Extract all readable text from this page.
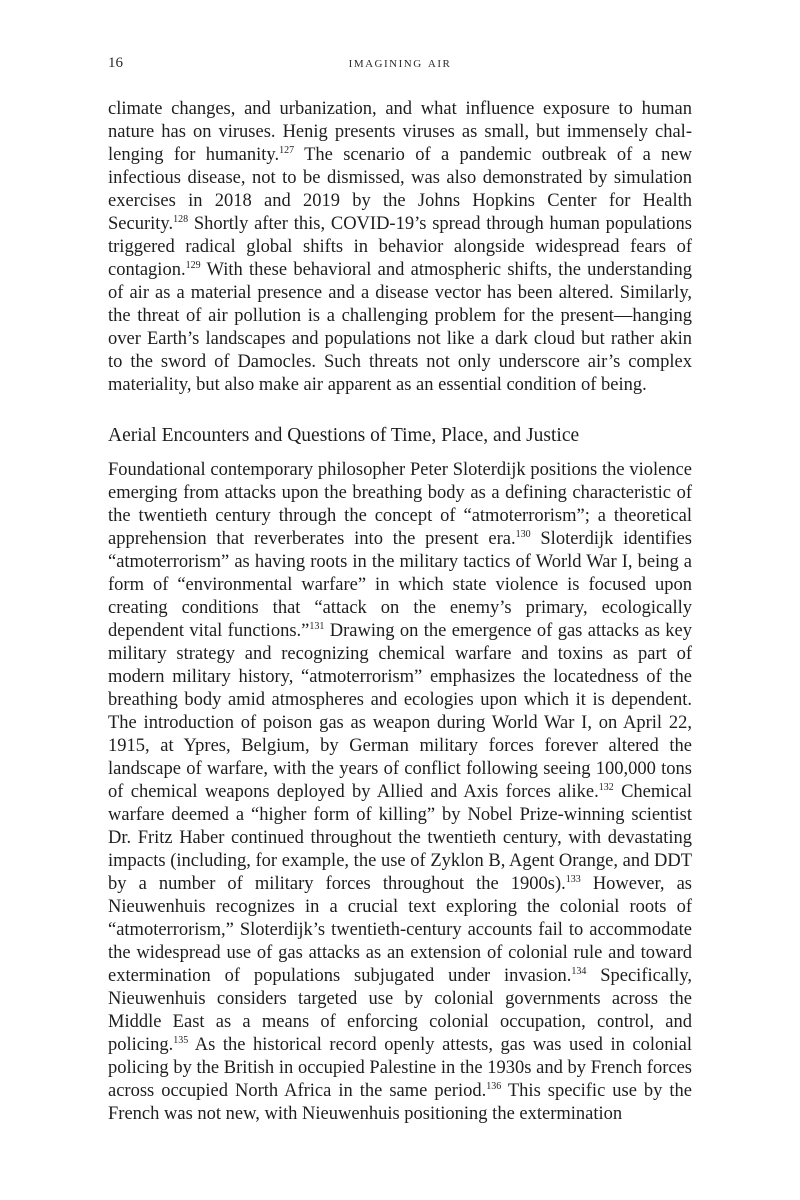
16	imagining air

climate changes, and urbanization, and what influence exposure to human nature has on viruses. Henig presents viruses as small, but immensely challenging for humanity.$^{127}$ The scenario of a pandemic outbreak of a new infectious disease, not to be dismissed, was also demonstrated by simulation exercises in 2018 and 2019 by the Johns Hopkins Center for Health Security.$^{128}$ Shortly after this, COVID-19’s spread through human populations triggered radical global shifts in behavior alongside widespread fears of contagion.$^{129}$ With these behavioral and atmospheric shifts, the understanding of air as a material presence and a disease vector has been altered. Similarly, the threat of air pollution is a challenging problem for the present—hanging over Earth’s landscapes and populations not like a dark cloud but rather akin to the sword of Damocles. Such threats not only underscore air’s complex materiality, but also make air apparent as an essential condition of being.

Aerial Encounters and Questions of Time, Place, and Justice

Foundational contemporary philosopher Peter Sloterdijk positions the violence emerging from attacks upon the breathing body as a defining characteristic of the twentieth century through the concept of “atmoterrorism”; a theoretical apprehension that reverberates into the present era.$^{130}$ Sloterdijk identifies “atmoterrorism” as having roots in the military tactics of World War I, being a form of “environmental warfare” in which state violence is focused upon creating conditions that “attack on the enemy’s primary, ecologically dependent vital functions.”$^{131}$ Drawing on the emergence of gas attacks as key military strategy and recognizing chemical warfare and toxins as part of modern military history, “atmoterrorism” emphasizes the locatedness of the breathing body amid atmospheres and ecologies upon which it is dependent. The introduction of poison gas as weapon during World War I, on April 22, 1915, at Ypres, Belgium, by German military forces forever altered the landscape of warfare, with the years of conflict following seeing 100,000 tons of chemical weapons deployed by Allied and Axis forces alike.$^{132}$ Chemical warfare deemed a “higher form of killing” by Nobel Prize-winning scientist Dr. Fritz Haber continued throughout the twentieth century, with devastating impacts (including, for example, the use of Zyklon B, Agent Orange, and DDT by a number of military forces throughout the 1900s).$^{133}$ However, as Nieuwenhuis recognizes in a crucial text exploring the colonial roots of “atmoterrorism,” Sloterdijk’s twentieth-century accounts fail to accommodate the widespread use of gas attacks as an extension of colonial rule and toward extermination of populations subjugated under invasion.$^{134}$ Specifically, Nieuwenhuis considers targeted use by colonial governments across the Middle East as a means of enforcing colonial occupation, control, and policing.$^{135}$ As the historical record openly attests, gas was used in colonial policing by the British in occupied Palestine in the 1930s and by French forces across occupied North Africa in the same period.$^{136}$ This specific use by the French was not new, with Nieuwenhuis positioning the extermination
